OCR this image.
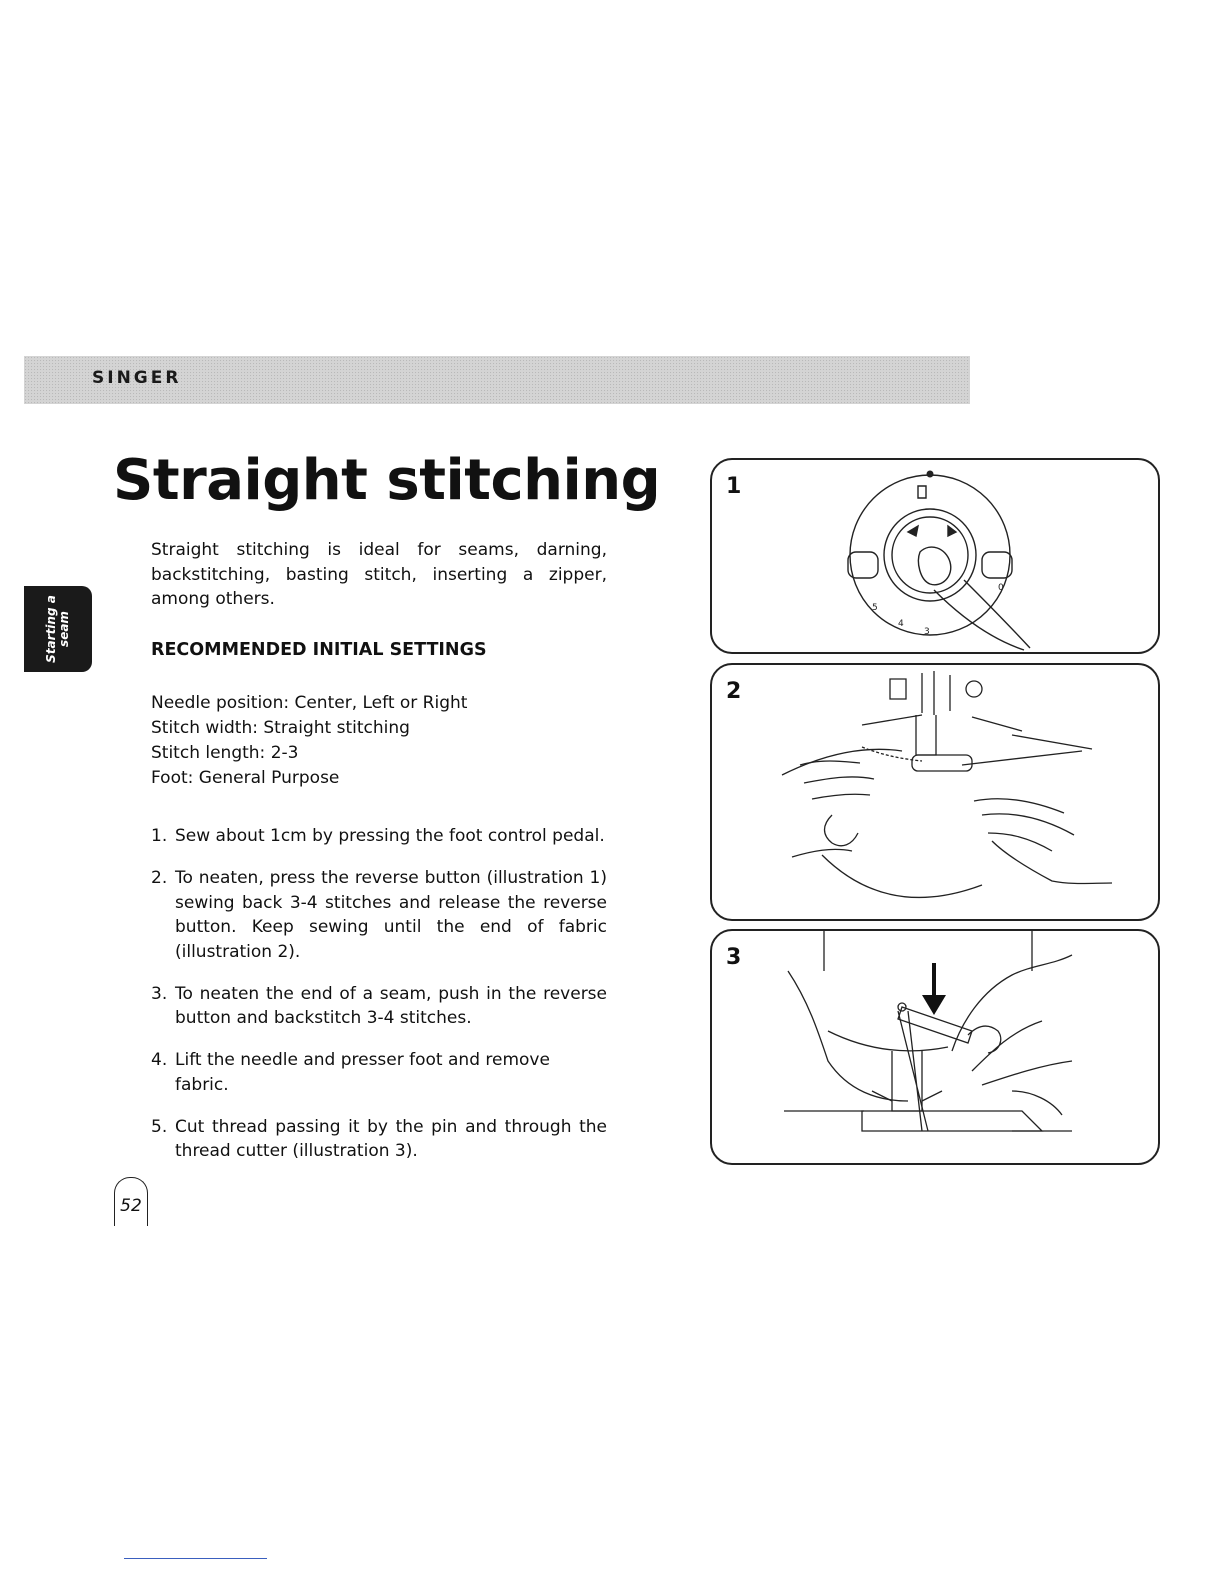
SINGER
Starting a
seam
Straight stitching

Straight stitching is ideal for seams, darning, backstitching, basting stitch, inserting a zipper, among others.

RECOMMENDED INITIAL SETTINGS
Needle position: Center, Left or Right
Stitch width: Straight stitching
Stitch length: 2-3
Foot: General Purpose
1. Sew about 1cm by pressing the foot control pedal.
2. To neaten, press the reverse button (illustration 1) sewing back 3-4 stitches and release the reverse button. Keep sewing until the end of fabric (illustration 2).
3. To neaten the end of a seam, push in the reverse button and backstitch 3-4 stitches.
4. Lift the needle and presser foot and remove fabric.
5. Cut thread passing it by the pin and through the thread cutter (illustration 3).
52
1
5
4
3
0
2
3
